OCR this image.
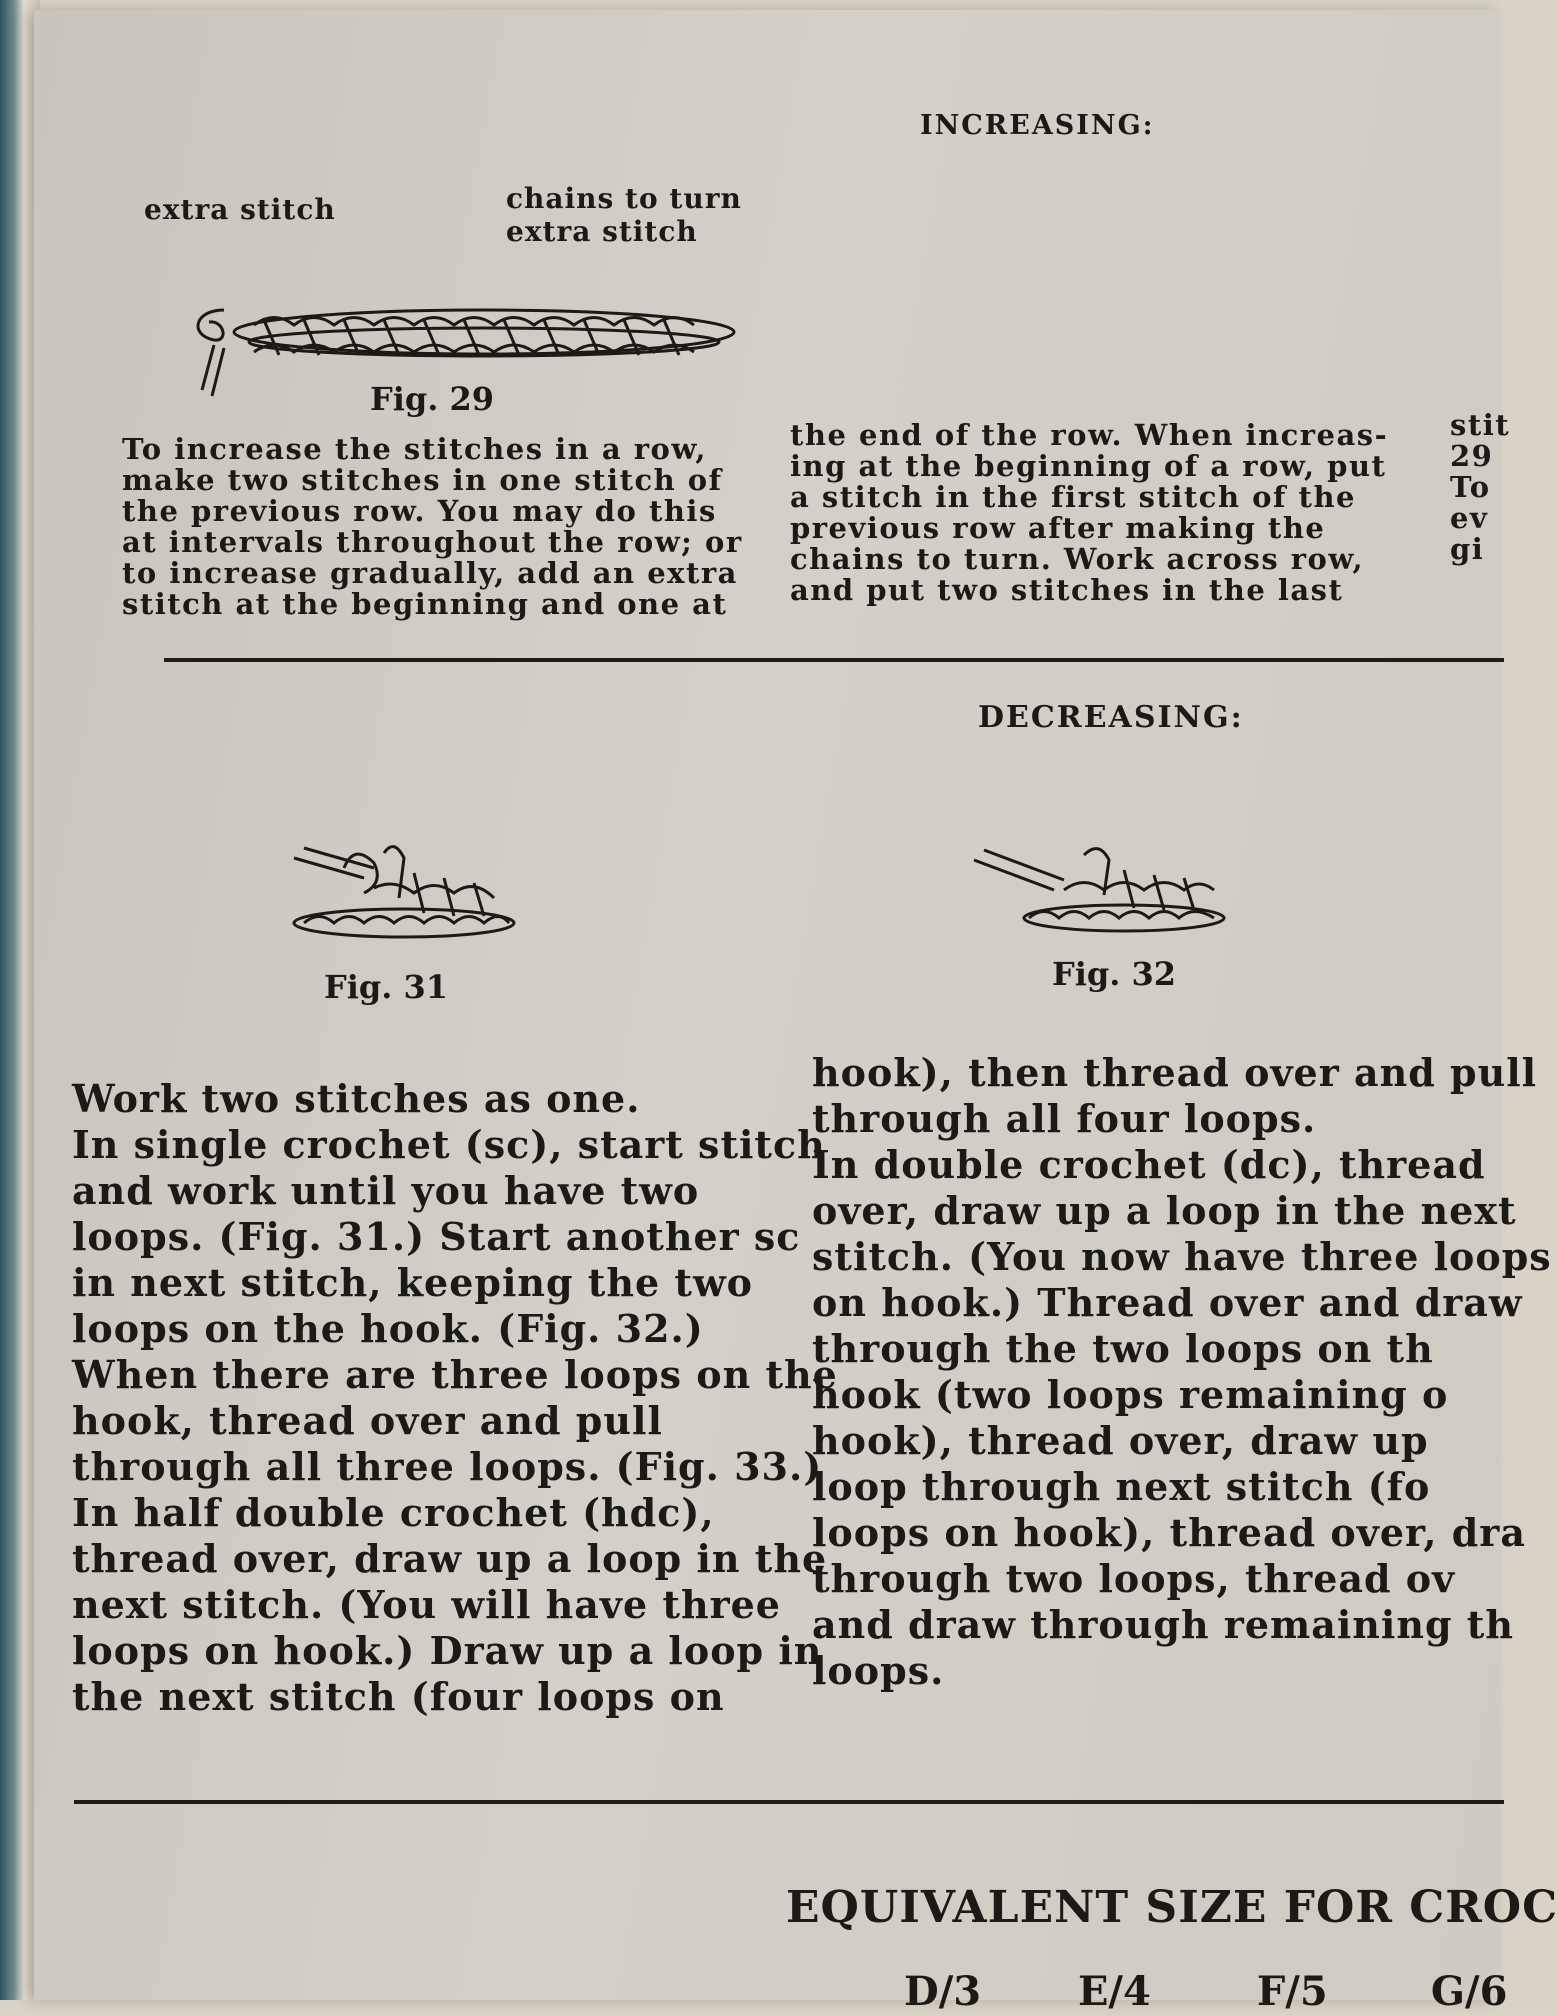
INCREASING:
extra stitch	chains to turn
extra stitch
Fig. 29
To increase the stitches in a row,
make two stitches in one stitch of
the previous row. You may do this
at intervals throughout the row; or
to increase gradually, add an extra
stitch at the beginning and one at
the end of the row. When increas-
ing at the beginning of a row, put
a stitch in the first stitch of the
previous row after making the
chains to turn. Work across row,
and put two stitches in the last
stit
29
To
ev
gi
DECREASING:
Fig. 31	Fig. 32
Work two stitches as one.
In single crochet (sc), start stitch
and work until you have two
loops. (Fig. 31.) Start another sc
in next stitch, keeping the two
loops on the hook. (Fig. 32.)
When there are three loops on the
hook, thread over and pull
through all three loops. (Fig. 33.)
In half double crochet (hdc),
thread over, draw up a loop in the
next stitch. (You will have three
loops on hook.) Draw up a loop in
the next stitch (four loops on
hook), then thread over and pull
through all four loops.
In double crochet (dc), thread
over, draw up a loop in the next
stitch. (You now have three loops
on hook.) Thread over and draw
through the two loops on th
hook (two loops remaining o
hook), thread over, draw up
loop through next stitch (fo
loops on hook), thread over, dra
through two loops, thread ov
and draw through remaining th
loops.
EQUIVALENT SIZE FOR CROC
D/3 E/4	F/5	G/6
